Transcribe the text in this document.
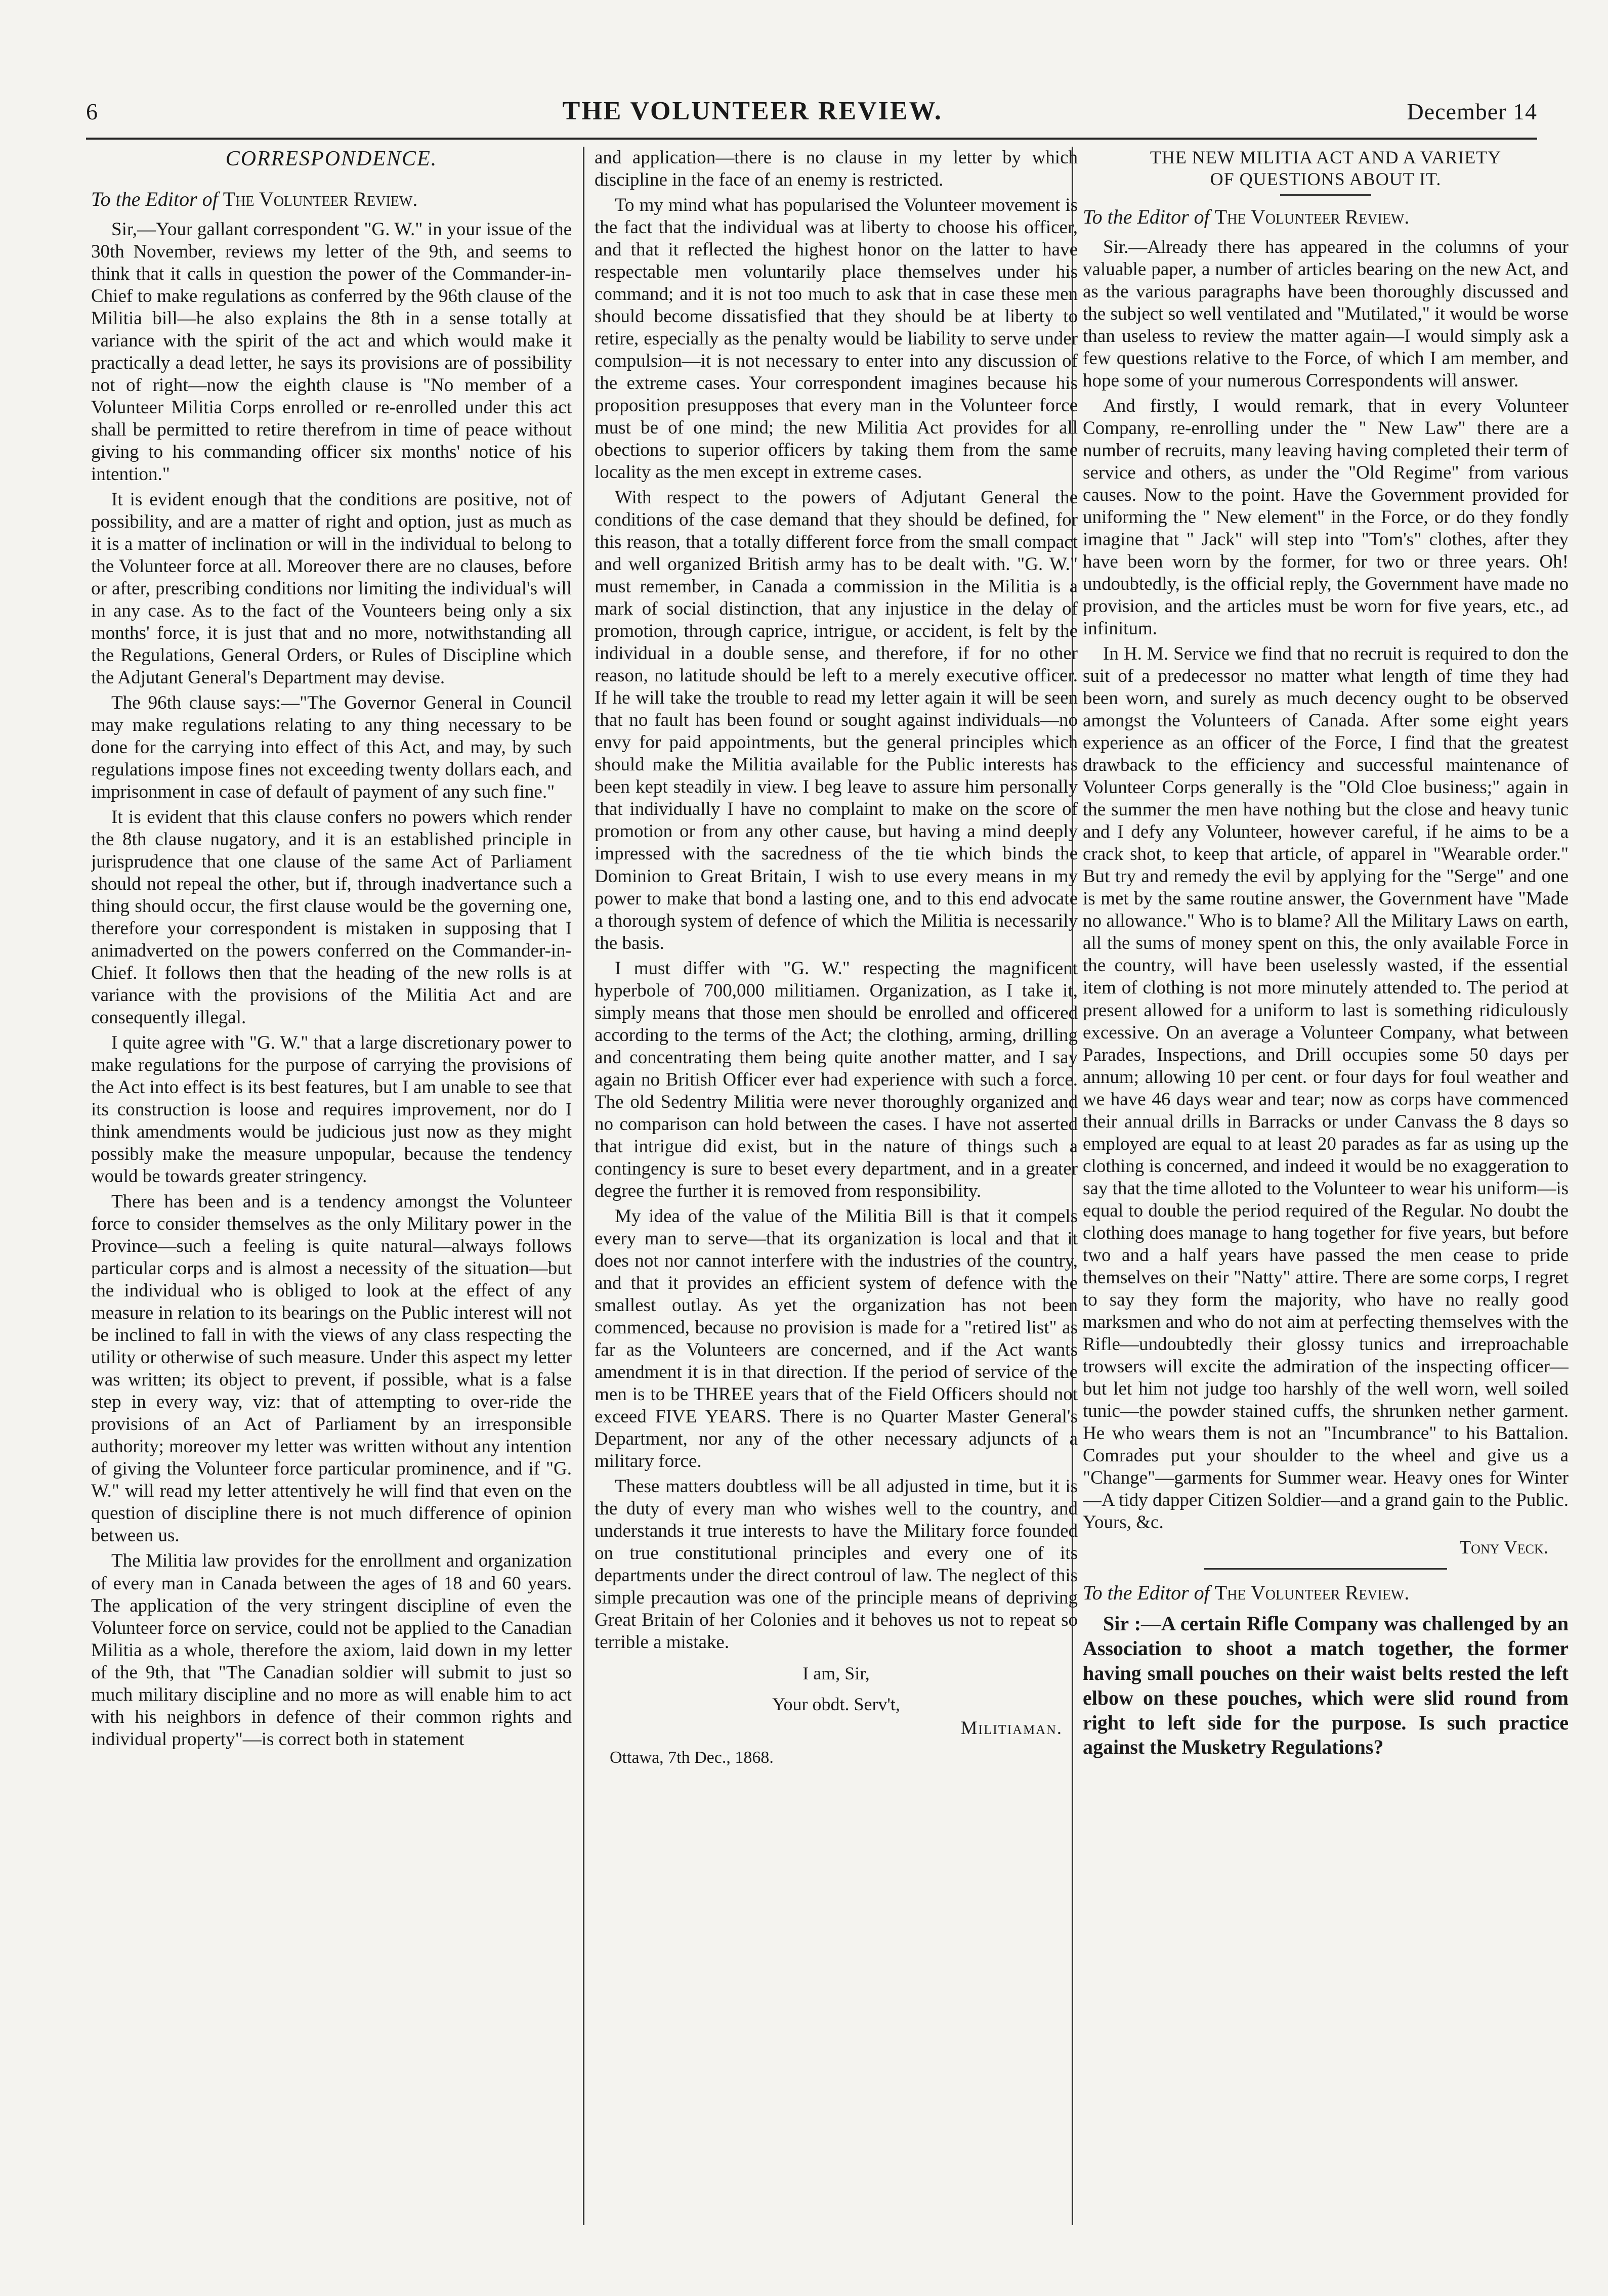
6	THE VOLUNTEER REVIEW.	December 14
CORRESPONDENCE.
To the Editor of The Volunteer Review.

Sir,—Your gallant correspondent "G. W." in your issue of the 30th November, reviews my letter of the 9th, and seems to think that it calls in question the power of the Commander-in-Chief to make regulations as conferred by the 96th clause of the Militia bill—he also explains the 8th in a sense totally at variance with the spirit of the act and which would make it practically a dead letter, he says its provisions are of possibility not of right—now the eighth clause is "No member of a Volunteer Militia Corps enrolled or re-enrolled under this act shall be permitted to retire therefrom in time of peace without giving to his commanding officer six months' notice of his intention."

It is evident enough that the conditions are positive, not of possibility, and are a matter of right and option, just as much as it is a matter of inclination or will in the individual to belong to the Volunteer force at all. Moreover there are no clauses, before or after, prescribing conditions nor limiting the individual's will in any case. As to the fact of the Vounteers being only a six months' force, it is just that and no more, notwithstanding all the Regulations, General Orders, or Rules of Discipline which the Adjutant General's Department may devise.

The 96th clause says:—"The Governor General in Council may make regulations relating to any thing necessary to be done for the carrying into effect of this Act, and may, by such regulations impose fines not exceeding twenty dollars each, and imprisonment in case of default of payment of any such fine."

It is evident that this clause confers no powers which render the 8th clause nugatory, and it is an established principle in jurisprudence that one clause of the same Act of Parliament should not repeal the other, but if, through inadvertance such a thing should occur, the first clause would be the governing one, therefore your correspondent is mistaken in supposing that I animadverted on the powers conferred on the Commander-in-Chief. It follows then that the heading of the new rolls is at variance with the provisions of the Militia Act and are consequently illegal.

I quite agree with "G. W." that a large discretionary power to make regulations for the purpose of carrying the provisions of the Act into effect is its best features, but I am unable to see that its construction is loose and requires improvement, nor do I think amendments would be judicious just now as they might possibly make the measure unpopular, because the tendency would be towards greater stringency.

There has been and is a tendency amongst the Volunteer force to consider themselves as the only Military power in the Province—such a feeling is quite natural—always follows particular corps and is almost a necessity of the situation—but the individual who is obliged to look at the effect of any measure in relation to its bearings on the Public interest will not be inclined to fall in with the views of any class respecting the utility or otherwise of such measure. Under this aspect my letter was written; its object to prevent, if possible, what is a false step in every way, viz: that of attempting to over-ride the provisions of an Act of Parliament by an irresponsible authority; moreover my letter was written without any intention of giving the Volunteer force particular prominence, and if "G. W." will read my letter attentively he will find that even on the question of discipline there is not much difference of opinion between us.

The Militia law provides for the enrollment and organization of every man in Canada between the ages of 18 and 60 years. The application of the very stringent discipline of even the Volunteer force on service, could not be applied to the Canadian Militia as a whole, therefore the axiom, laid down in my letter of the 9th, that "The Canadian soldier will submit to just so much military discipline and no more as will enable him to act with his neighbors in defence of their common rights and individual property"—is correct both in statement

and application—there is no clause in my letter by which discipline in the face of an enemy is restricted.

To my mind what has popularised the Volunteer movement is the fact that the individual was at liberty to choose his officer, and that it reflected the highest honor on the latter to have respectable men voluntarily place themselves under his command; and it is not too much to ask that in case these men should become dissatisfied that they should be at liberty to retire, especially as the penalty would be liability to serve under compulsion—it is not necessary to enter into any discussion of the extreme cases. Your correspondent imagines because his proposition presupposes that every man in the Volunteer force must be of one mind; the new Militia Act provides for all obections to superior officers by taking them from the same locality as the men except in extreme cases.

With respect to the powers of Adjutant General the conditions of the case demand that they should be defined, for this reason, that a totally different force from the small compact and well organized British army has to be dealt with. "G. W." must remember, in Canada a commission in the Militia is a mark of social distinction, that any injustice in the delay of promotion, through caprice, intrigue, or accident, is felt by the individual in a double sense, and therefore, if for no other reason, no latitude should be left to a merely executive officer. If he will take the trouble to read my letter again it will be seen that no fault has been found or sought against individuals—no envy for paid appointments, but the general principles which should make the Militia available for the Public interests has been kept steadily in view. I beg leave to assure him personally that individually I have no complaint to make on the score of promotion or from any other cause, but having a mind deeply impressed with the sacredness of the tie which binds the Dominion to Great Britain, I wish to use every means in my power to make that bond a lasting one, and to this end advocate a thorough system of defence of which the Militia is necessarily the basis.

I must differ with "G. W." respecting the magnificent hyperbole of 700,000 militiamen. Organization, as I take it, simply means that those men should be enrolled and officered according to the terms of the Act; the clothing, arming, drilling and concentrating them being quite another matter, and I say again no British Officer ever had experience with such a force. The old Sedentry Militia were never thoroughly organized and no comparison can hold between the cases. I have not asserted that intrigue did exist, but in the nature of things such a contingency is sure to beset every department, and in a greater degree the further it is removed from responsibility.

My idea of the value of the Militia Bill is that it compels every man to serve—that its organization is local and that it does not nor cannot interfere with the industries of the country, and that it provides an efficient system of defence with the smallest outlay. As yet the organization has not been commenced, because no provision is made for a "retired list" as far as the Volunteers are concerned, and if the Act wants amendment it is in that direction. If the period of service of the men is to be THREE years that of the Field Officers should not exceed FIVE YEARS. There is no Quarter Master General's Department, nor any of the other necessary adjuncts of a military force.

These matters doubtless will be all adjusted in time, but it is the duty of every man who wishes well to the country, and understands it true interests to have the Military force founded on true constitutional principles and every one of its departments under the direct controul of law. The neglect of this simple precaution was one of the principle means of depriving Great Britain of her Colonies and it behoves us not to repeat so terrible a mistake.

I am, Sir,
Your obdt. Serv't,
Militiaman.
Ottawa, 7th Dec., 1868.
THE NEW MILITIA ACT AND A VARIETY
OF QUESTIONS ABOUT IT.
To the Editor of The Volunteer Review.

Sir.—Already there has appeared in the columns of your valuable paper, a number of articles bearing on the new Act, and as the various paragraphs have been thoroughly discussed and the subject so well ventilated and "Mutilated," it would be worse than useless to review the matter again—I would simply ask a few questions relative to the Force, of which I am member, and hope some of your numerous Correspondents will answer.

And firstly, I would remark, that in every Volunteer Company, re-enrolling under the " New Law" there are a number of recruits, many leaving having completed their term of service and others, as under the "Old Regime" from various causes. Now to the point. Have the Government provided for uniforming the " New element" in the Force, or do they fondly imagine that " Jack" will step into "Tom's" clothes, after they have been worn by the former, for two or three years. Oh! undoubtedly, is the official reply, the Government have made no provision, and the articles must be worn for five years, etc., ad infinitum.

In H. M. Service we find that no recruit is required to don the suit of a predecessor no matter what length of time they had been worn, and surely as much decency ought to be observed amongst the Volunteers of Canada. After some eight years experience as an officer of the Force, I find that the greatest drawback to the efficiency and successful maintenance of Volunteer Corps generally is the "Old Cloe business;" again in the summer the men have nothing but the close and heavy tunic and I defy any Volunteer, however careful, if he aims to be a crack shot, to keep that article, of apparel in "Wearable order." But try and remedy the evil by applying for the "Serge" and one is met by the same routine answer, the Government have "Made no allowance." Who is to blame? All the Military Laws on earth, all the sums of money spent on this, the only available Force in the country, will have been uselessly wasted, if the essential item of clothing is not more minutely attended to. The period at present allowed for a uniform to last is something ridiculously excessive. On an average a Volunteer Company, what between Parades, Inspections, and Drill occupies some 50 days per annum; allowing 10 per cent. or four days for foul weather and we have 46 days wear and tear; now as corps have commenced their annual drills in Barracks or under Canvass the 8 days so employed are equal to at least 20 parades as far as using up the clothing is concerned, and indeed it would be no exaggeration to say that the time alloted to the Volunteer to wear his uniform—is equal to double the period required of the Regular. No doubt the clothing does manage to hang together for five years, but before two and a half years have passed the men cease to pride themselves on their "Natty" attire. There are some corps, I regret to say they form the majority, who have no really good marksmen and who do not aim at perfecting themselves with the Rifle—undoubtedly their glossy tunics and irreproachable trowsers will excite the admiration of the inspecting officer—but let him not judge too harshly of the well worn, well soiled tunic—the powder stained cuffs, the shrunken nether garment. He who wears them is not an "Incumbrance" to his Battalion. Comrades put your shoulder to the wheel and give us a "Change"—garments for Summer wear. Heavy ones for Winter—A tidy dapper Citizen Soldier—and a grand gain to the Public. Yours, &c.

Tony Veck.
To the Editor of The Volunteer Review.

Sir :—A certain Rifle Company was challenged by an Association to shoot a match together, the former having small pouches on their waist belts rested the left elbow on these pouches, which were slid round from right to left side for the purpose. Is such practice against the Musketry Regulations?
